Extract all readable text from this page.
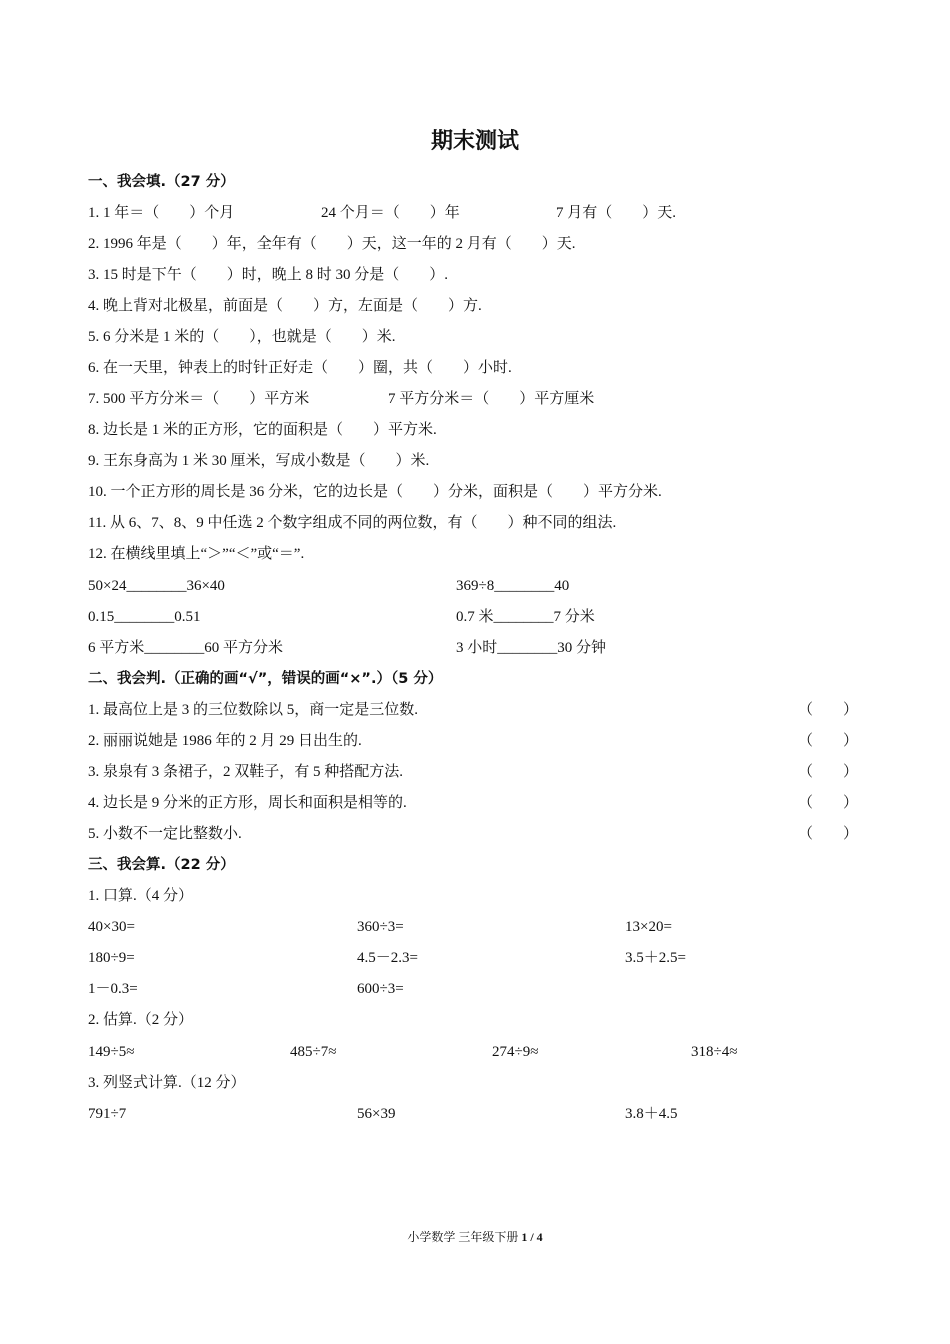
期末测试
一、我会填.（27 分）
1. 1 年＝（　　）个月	24 个月＝（　　）年	7 月有（　　）天.
2. 1996 年是（　　）年，全年有（　　）天，这一年的 2 月有（　　）天.
3. 15 时是下午（　　）时，晚上 8 时 30 分是（　　）.
4. 晚上背对北极星，前面是（　　）方，左面是（　　）方.
5. 6 分米是 1 米的（　　），也就是（　　）米.
6. 在一天里，钟表上的时针正好走（　　）圈，共（　　）小时.
7. 500 平方分米＝（　　）平方米	7 平方分米＝（　　）平方厘米
8. 边长是 1 米的正方形，它的面积是（　　）平方米.
9. 王东身高为 1 米 30 厘米，写成小数是（　　）米.
10. 一个正方形的周长是 36 分米，它的边长是（　　）分米，面积是（　　）平方分米.
11. 从 6、7、8、9 中任选 2 个数字组成不同的两位数，有（　　）种不同的组法.
12. 在横线里填上“＞”“＜”或“＝”.
50×24________36×40	369÷8________40
0.15________0.51	0.7 米________7 分米
6 平方米________60 平方分米	3 小时________30 分钟
二、我会判.（正确的画“√”，错误的画“×”.）（5 分）
1. 最高位上是 3 的三位数除以 5，商一定是三位数.	（　　）
2. 丽丽说她是 1986 年的 2 月 29 日出生的.	（　　）
3. 泉泉有 3 条裙子，2 双鞋子，有 5 种搭配方法.	（　　）
4. 边长是 9 分米的正方形，周长和面积是相等的.	（　　）
5. 小数不一定比整数小.	（　　）
三、我会算.（22 分）
1. 口算.（4 分）
40×30=	360÷3=	13×20=
180÷9=	4.5－2.3=	3.5＋2.5=
1－0.3=	600÷3=
2. 估算.（2 分）
149÷5≈	485÷7≈	274÷9≈	318÷4≈
3. 列竖式计算.（12 分）
791÷7	56×39	3.8＋4.5
小学数学 三年级下册 1 / 4
